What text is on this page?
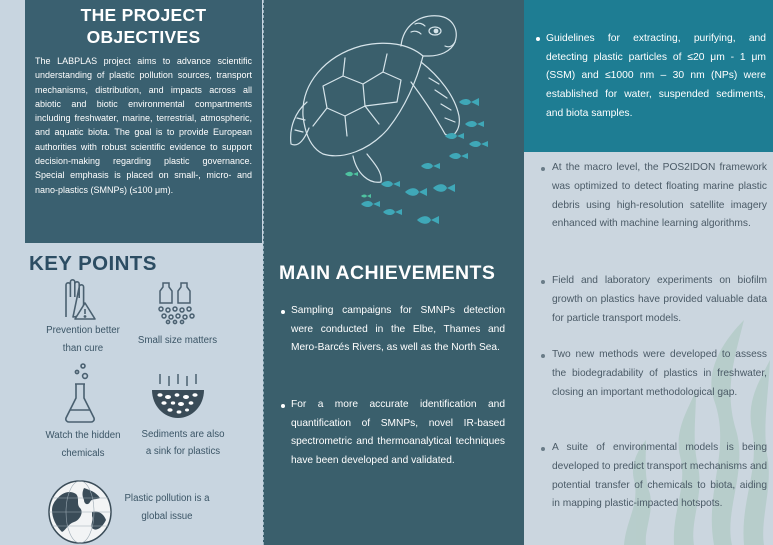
THE PROJECT
OBJECTIVES
The LABPLAS project aims to advance scientific understanding of plastic pollution sources, transport mechanisms, distribution, and impacts across all abiotic and biotic environmental compartments including freshwater, marine, terrestrial, atmospheric, and aquatic biota. The goal is to provide European authorities with robust scientific evidence to support decision-making regarding plastic governance. Special emphasis is placed on small-, micro- and nano-plastics (SMNPs) (≤100 μm).
KEY POINTS
Prevention better
than cure
Small size matters
Watch the hidden
chemicals
Sediments are also
a sink for plastics
Plastic pollution is a
global issue
MAIN ACHIEVEMENTS
Sampling campaigns for SMNPs detection were conducted in the Elbe, Thames and Mero-Barcés Rivers, as well as the North Sea.
For a more accurate identification and quantification of SMNPs, novel IR-based spectrometric and thermoanalytical techniques have been developed and validated.
Guidelines for extracting, purifying, and detecting plastic particles of ≤20 μm - 1 μm (SSM) and ≤1000 nm – 30 nm (NPs) were established for water, suspended sediments, and biota samples.
At the macro level, the POS2IDON framework was optimized to detect floating marine plastic debris using high-resolution satellite imagery enhanced with machine learning algorithms.
Field and laboratory experiments on biofilm growth on plastics have provided valuable data for particle transport models.
Two new methods were developed to assess the biodegradability of plastics in freshwater, closing an important methodological gap.
A suite of environmental models is being developed to predict transport mechanisms and potential transfer of chemicals to biota, aiding in mapping plastic-impacted hotspots.
